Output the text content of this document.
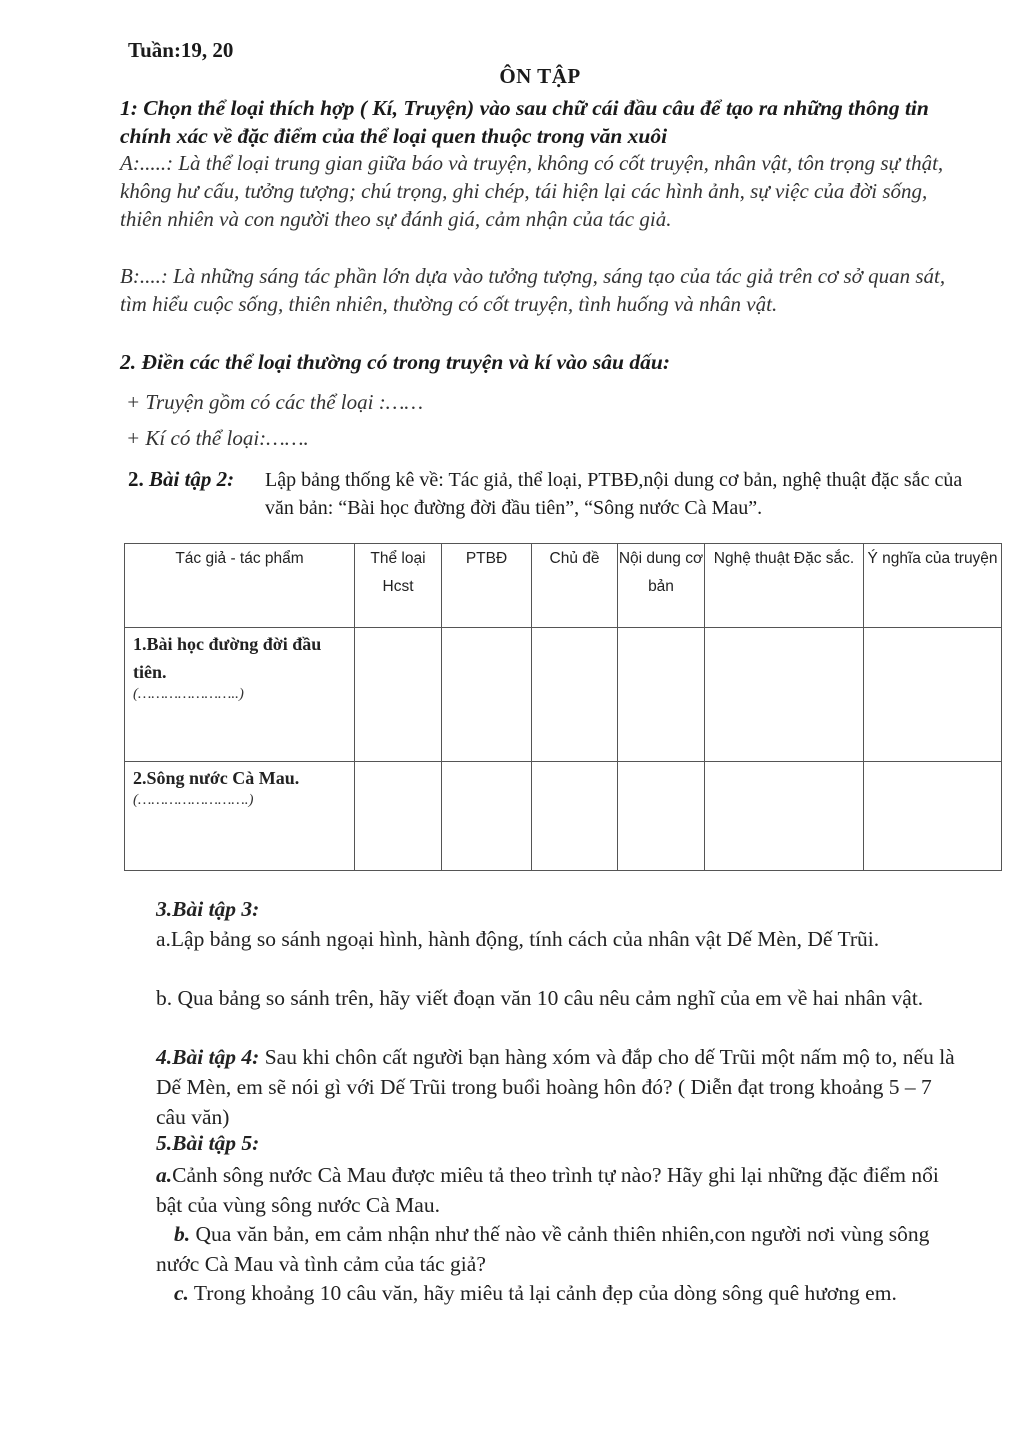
Tuần:19, 20

ÔN TẬP

1: Chọn thể loại thích hợp ( Kí, Truyện) vào sau chữ cái đầu câu để tạo ra những thông tin chính xác về đặc điểm của thể loại quen thuộc trong văn xuôi

A:.....: Là thể loại trung gian giữa báo và truyện, không có cốt truyện, nhân vật, tôn trọng sự thật, không hư cấu, tưởng tượng; chú trọng, ghi chép, tái hiện lại các hình ảnh, sự việc của đời sống, thiên nhiên và con người theo sự đánh giá, cảm nhận của tác giả.

B:....: Là những sáng tác phần lớn dựa vào tưởng tượng, sáng tạo của tác giả trên cơ sở quan sát, tìm hiểu cuộc sống, thiên nhiên, thường có cốt truyện, tình huống và nhân vật.

2. Điền các thể loại thường có trong truyện và kí vào sâu dấu:

+ Truyện gồm có các thể loại :……

+ Kí có thể loại:…….

2. Bài tập 2: Lập bảng thống kê về: Tác giả, thể loại, PTBĐ,nội dung cơ bản, nghệ thuật đặc sắc của văn bản: “Bài học đường đời đầu tiên”, “Sông nước Cà Mau”.

Tác giả - tác phẩm	Thể loại Hcst	PTBĐ	Chủ đề	Nội dung cơ bản	Nghệ thuật Đặc sắc.	Ý nghĩa của truyện

1.Bài học đường đời đầu tiên.
(…………………..)						

2.Sông nước Cà Mau.
(…………………….)						

3.Bài tập 3:

a.Lập bảng so sánh ngoại hình, hành động, tính cách của nhân vật Dế Mèn, Dế Trũi.

b. Qua bảng so sánh trên, hãy viết đoạn văn 10 câu nêu cảm nghĩ của em về hai nhân vật.

4.Bài tập 4: Sau khi chôn cất người bạn hàng xóm và đắp cho dế Trũi một nấm mộ to, nếu là Dế Mèn, em sẽ nói gì với Dế Trũi trong buổi hoàng hôn đó? ( Diễn đạt trong khoảng 5 – 7 câu văn)

5.Bài tập 5:

a.Cảnh sông nước Cà Mau được miêu tả theo trình tự nào? Hãy ghi lại những đặc điểm nổi bật của vùng sông nước Cà Mau.

b. Qua văn bản, em cảm nhận như thế nào về cảnh thiên nhiên,con người nơi vùng sông nước Cà Mau và tình cảm của tác giả?

c. Trong khoảng 10 câu văn, hãy miêu tả lại cảnh đẹp của dòng sông quê hương em.
